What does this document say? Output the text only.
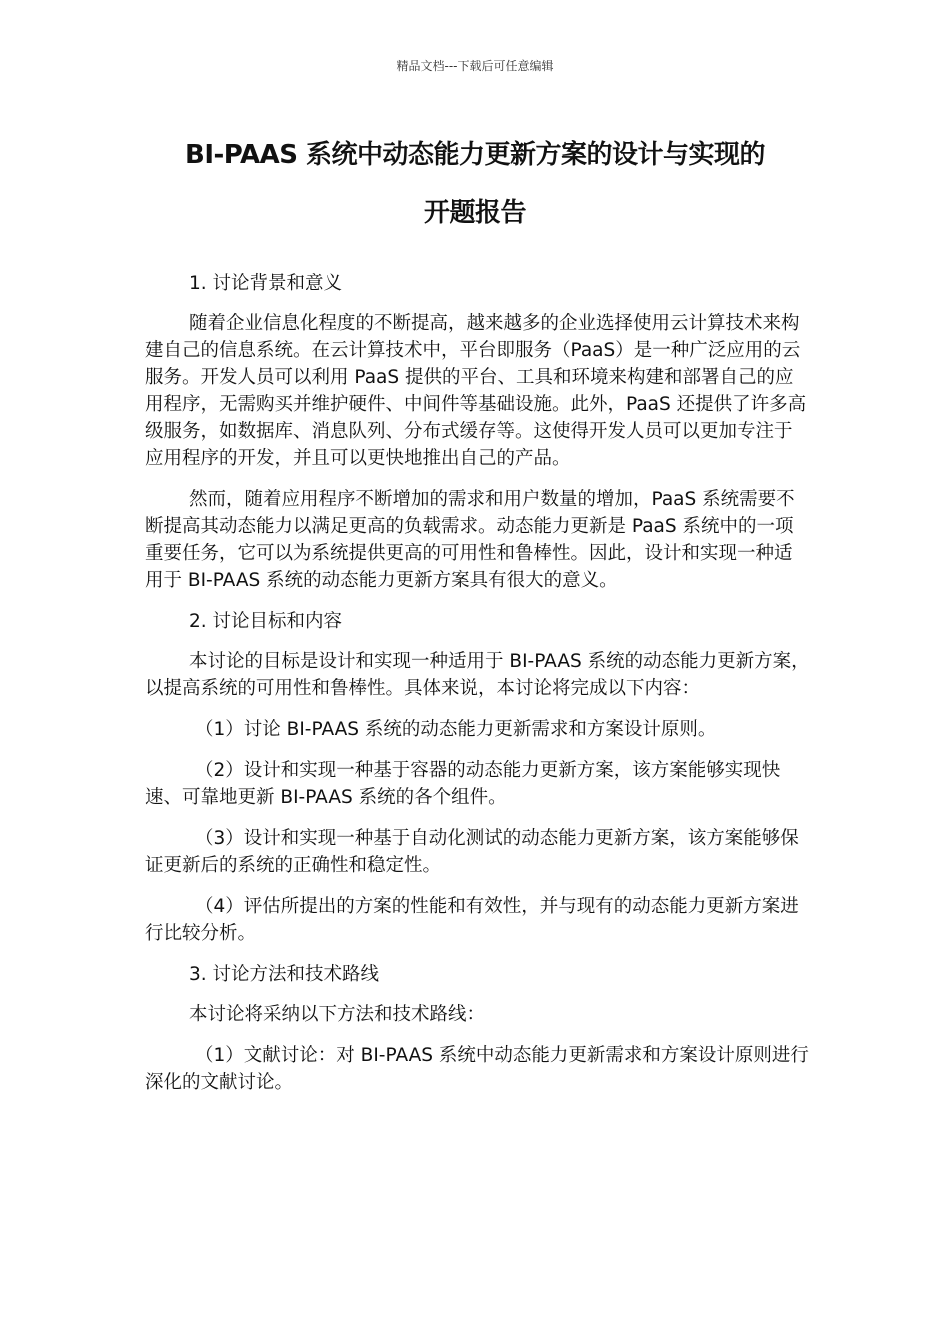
精品文档---下载后可任意编辑
BI-PAAS 系统中动态能力更新方案的设计与实现的
开题报告

1. 讨论背景和意义

随着企业信息化程度的不断提高，越来越多的企业选择使用云计算技术来构建自己的信息系统。在云计算技术中，平台即服务（PaaS）是一种广泛应用的云服务。开发人员可以利用 PaaS 提供的平台、工具和环境来构建和部署自己的应用程序，无需购买并维护硬件、中间件等基础设施。此外，PaaS 还提供了许多高级服务，如数据库、消息队列、分布式缓存等。这使得开发人员可以更加专注于应用程序的开发，并且可以更快地推出自己的产品。

然而，随着应用程序不断增加的需求和用户数量的增加，PaaS 系统需要不断提高其动态能力以满足更高的负载需求。动态能力更新是 PaaS 系统中的一项重要任务，它可以为系统提供更高的可用性和鲁棒性。因此，设计和实现一种适用于 BI-PAAS 系统的动态能力更新方案具有很大的意义。

2. 讨论目标和内容

本讨论的目标是设计和实现一种适用于 BI-PAAS 系统的动态能力更新方案，以提高系统的可用性和鲁棒性。具体来说，本讨论将完成以下内容：

（1）讨论 BI-PAAS 系统的动态能力更新需求和方案设计原则。

（2）设计和实现一种基于容器的动态能力更新方案，该方案能够实现快速、可靠地更新 BI-PAAS 系统的各个组件。

（3）设计和实现一种基于自动化测试的动态能力更新方案，该方案能够保证更新后的系统的正确性和稳定性。

（4）评估所提出的方案的性能和有效性，并与现有的动态能力更新方案进行比较分析。

3. 讨论方法和技术路线

本讨论将采纳以下方法和技术路线：

（1）文献讨论：对 BI-PAAS 系统中动态能力更新需求和方案设计原则进行深化的文献讨论。
